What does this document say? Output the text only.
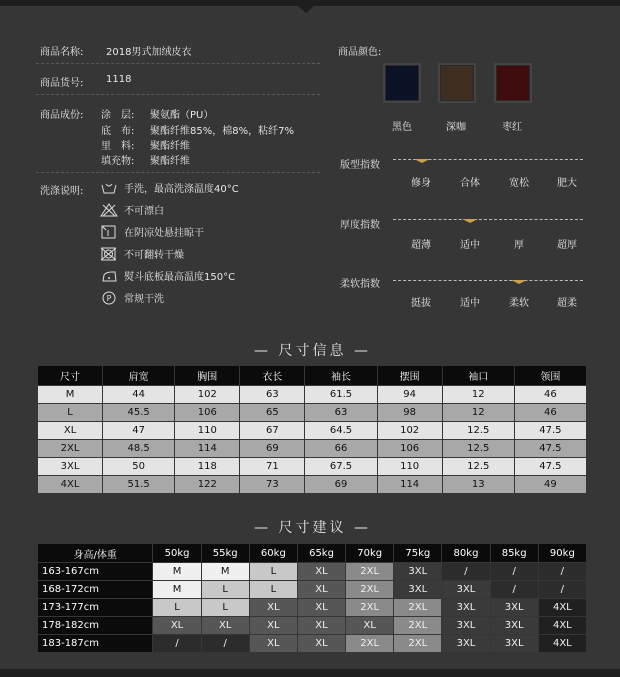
商品名称: 2018男式加绒皮衣
商品货号: 1118
商品成份: 涂　层: 聚氨酯（PU）
底　布: 聚酯纤维85%，棉8%，粘纤7%
里　料: 聚酯纤维
填充物: 聚酯纤维
洗涤说明:	手洗，最高洗涤温度40°C
不可漂白
在阴凉处悬挂晾干
不可翻转干燥
熨斗底板最高温度150°C
P 常规干洗
商品颜色:
黑色	深咖	枣红
版型指数
修身	合体	宽松	肥大
厚度指数
超薄	适中	厚	超厚
柔软指数
挺拔	适中	柔软	超柔
— 尺寸信息 —
尺寸	肩宽	胸围	衣长	袖长	摆围	袖口	领围
M	44	102	63	61.5	94	12	46
L	45.5	106	65	63	98	12	46
XL	47	110	67	64.5	102	12.5	47.5
2XL	48.5	114	69	66	106	12.5	47.5
3XL	50	118	71	67.5	110	12.5	47.5
4XL	51.5	122	73	69	114	13	49
— 尺寸建议 —
身高/体重	50kg	55kg	60kg	65kg	70kg	75kg	80kg	85kg	90kg
163-167cm	M	M	L	XL	2XL	3XL	/	/	/
168-172cm	M	L	L	XL	2XL	3XL	3XL	/	/
173-177cm	L	L	XL	XL	2XL	2XL	3XL	3XL	4XL
178-182cm	XL	XL	XL	XL	XL	2XL	3XL	3XL	4XL
183-187cm	/	/	XL	XL	2XL	2XL	3XL	3XL	4XL
